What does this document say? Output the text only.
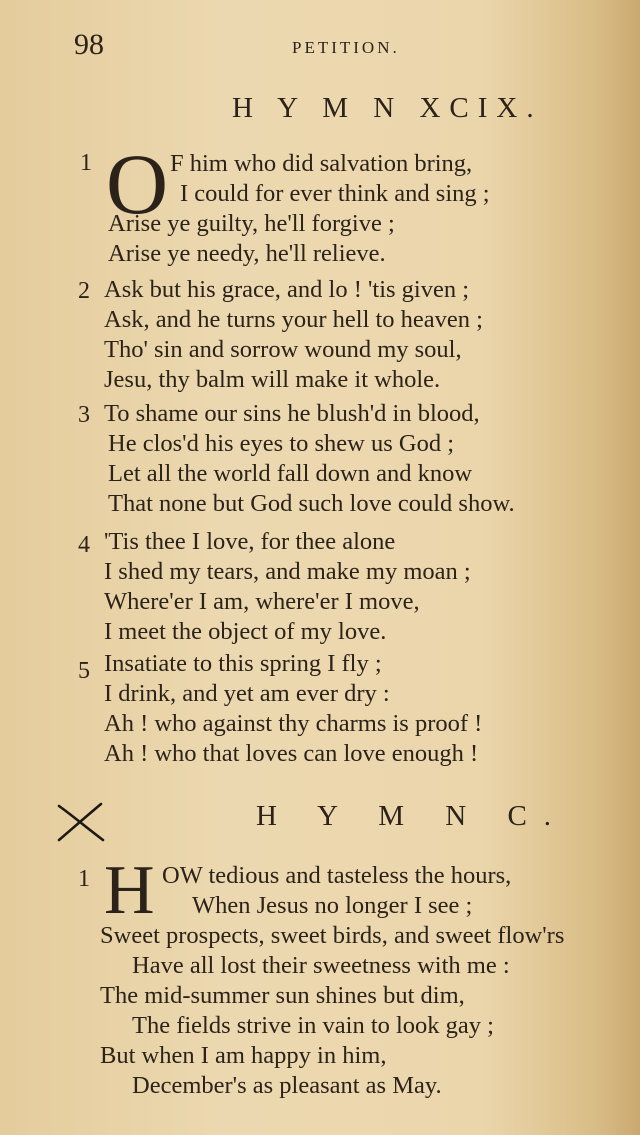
98	PETITION.
H Y M N XCIX.
1 O F him who did salvation bring,
I could for ever think and sing ;
Arise ye guilty, he'll forgive ;
Arise ye needy, he'll relieve.
2 Ask but his grace, and lo ! 'tis given ;
Ask, and he turns your hell to heaven ;
Tho' sin and sorrow wound my soul,
Jesu, thy balm will make it whole.
3 To shame our sins he blush'd in blood,
He clos'd his eyes to shew us God ;
Let all the world fall down and know
That none but God such love could show.
4 'Tis thee I love, for thee alone
I shed my tears, and make my moan ;
Where'er I am, where'er I move,
I meet the object of my love.
5 Insatiate to this spring I fly ;
I drink, and yet am ever dry :
Ah ! who against thy charms is proof !
Ah ! who that loves can love enough !
H Y M N C.
1 H OW tedious and tasteless the hours,
When Jesus no longer I see ;
Sweet prospects, sweet birds, and sweet flow'rs
Have all lost their sweetness with me :
The mid-summer sun shines but dim,
The fields strive in vain to look gay ;
But when I am happy in him,
December's as pleasant as May.
